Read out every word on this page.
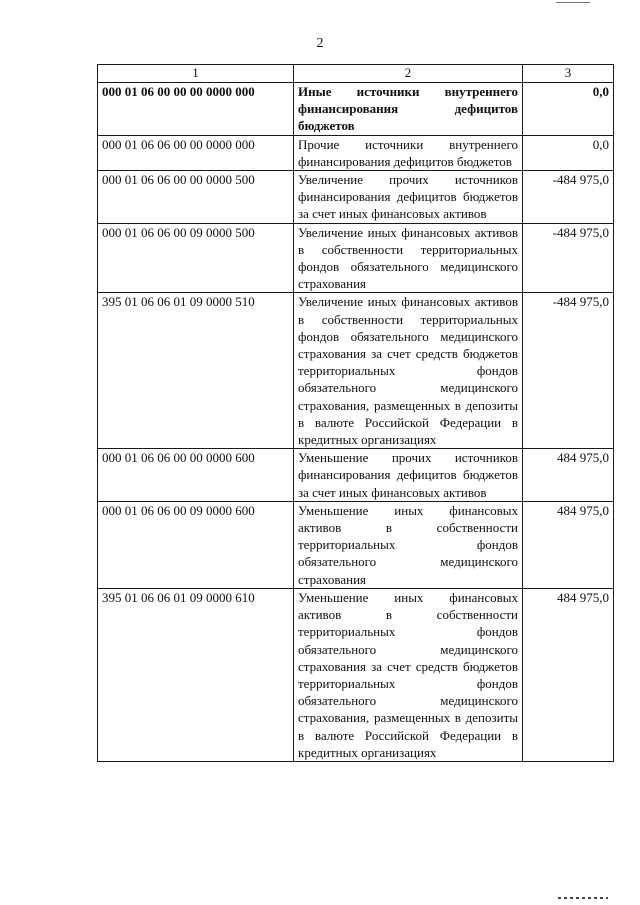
2
1	2	3
000 01 06 00 00 00 0000 000	Иные источники внутреннего финансирования дефицитов бюджетов	0,0
000 01 06 06 00 00 0000 000	Прочие источники внутреннего финансирования дефицитов бюджетов	0,0
000 01 06 06 00 00 0000 500	Увеличение прочих источников финансирования дефицитов бюджетов за счет иных финансовых активов	-484 975,0
000 01 06 06 00 09 0000 500	Увеличение иных финансовых активов в собственности территориальных фондов обязательного медицинского страхования	-484 975,0
395 01 06 06 01 09 0000 510	Увеличение иных финансовых активов в собственности территориальных фондов обязательного медицинского страхования за счет средств бюджетов территориальных фондов обязательного медицинского страхования, размещенных в депозиты в валюте Российской Федерации в кредитных организациях	-484 975,0
000 01 06 06 00 00 0000 600	Уменьшение прочих источников финансирования дефицитов бюджетов за счет иных финансовых активов	484 975,0
000 01 06 06 00 09 0000 600	Уменьшение иных финансовых активов в собственности территориальных фондов обязательного медицинского страхования	484 975,0
395 01 06 06 01 09 0000 610	Уменьшение иных финансовых активов в собственности территориальных фондов обязательного медицинского страхования за счет средств бюджетов территориальных фондов обязательного медицинского страхования, размещенных в депозиты в валюте Российской Федерации в кредитных организациях	484 975,0
